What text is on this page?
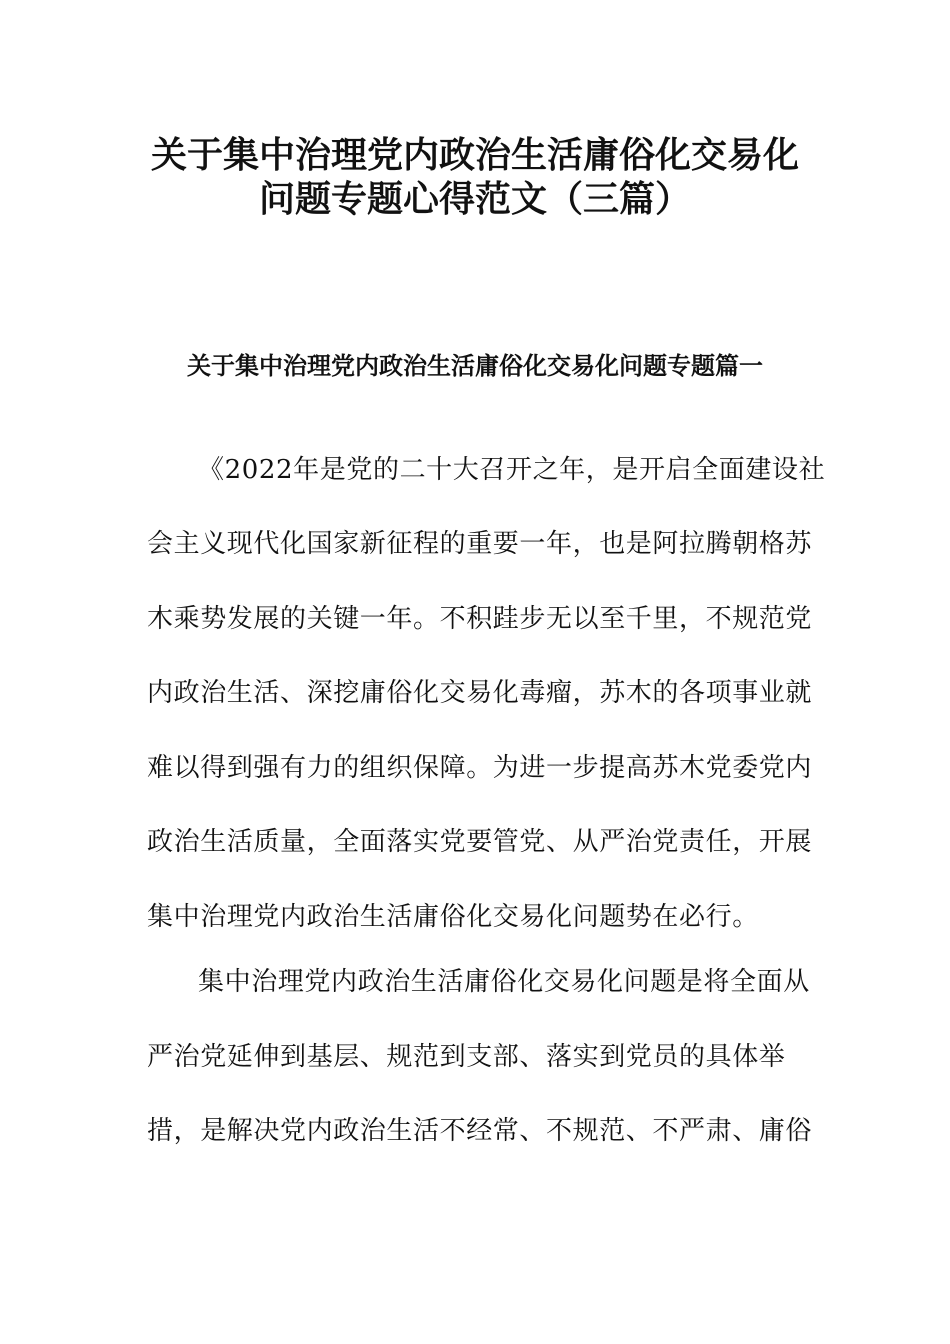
关于集中治理党内政治生活庸俗化交易化
问题专题心得范文（三篇）
关于集中治理党内政治生活庸俗化交易化问题专题篇一
《2022年是党的二十大召开之年，是开启全面建设社
会主义现代化国家新征程的重要一年，也是阿拉腾朝格苏
木乘势发展的关键一年。不积跬步无以至千里，不规范党
内政治生活、深挖庸俗化交易化毒瘤，苏木的各项事业就
难以得到强有力的组织保障。为进一步提高苏木党委党内
政治生活质量，全面落实党要管党、从严治党责任，开展
集中治理党内政治生活庸俗化交易化问题势在必行。
集中治理党内政治生活庸俗化交易化问题是将全面从
严治党延伸到基层、规范到支部、落实到党员的具体举
措，是解决党内政治生活不经常、不规范、不严肃、庸俗
